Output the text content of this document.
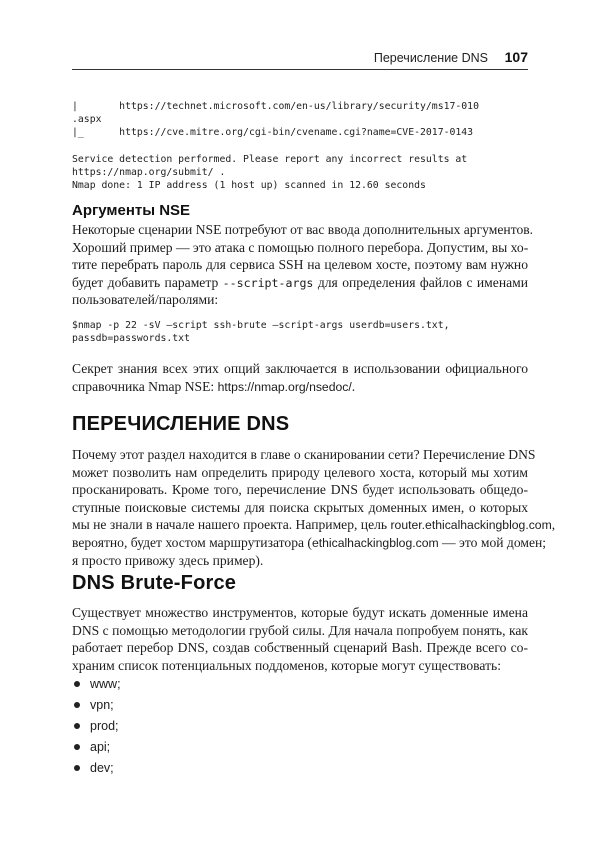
Перечисление DNS 107
|       https://technet.microsoft.com/en-us/library/security/ms17-010
.aspx
|_      https://cve.mitre.org/cgi-bin/cvename.cgi?name=CVE-2017-0143
Service detection performed. Please report any incorrect results at
https://nmap.org/submit/ .
Nmap done: 1 IP address (1 host up) scanned in 12.60 seconds
Аргументы NSE

Некоторые сценарии NSE потребуют от вас ввода дополнительных аргументов.
Хороший пример — это атака с помощью полного перебора. Допустим, вы хо-
тите перебрать пароль для сервиса SSH на целевом хосте, поэтому вам нужно
будет добавить параметр --script-args для определения файлов с именами
пользователей/паролями:

$nmap -p 22 -sV –script ssh-brute –script-args userdb=users.txt,
passdb=passwords.txt

Секрет знания всех этих опций заключается в использовании официального
справочника Nmap NSE: https://nmap.org/nsedoc/.

ПЕРЕЧИСЛЕНИЕ DNS

Почему этот раздел находится в главе о сканировании сети? Перечисление DNS
может позволить нам определить природу целевого хоста, который мы хотим
просканировать. Кроме того, перечисление DNS будет использовать общедо-
ступные поисковые системы для поиска скрытых доменных имен, о которых
мы не знали в начале нашего проекта. Например, цель router.ethicalhackingblog.com,
вероятно, будет хостом маршрутизатора (ethicalhackingblog.com — это мой домен;
я просто привожу здесь пример).

DNS Brute-Force

Существует множество инструментов, которые будут искать доменные имена
DNS с помощью методологии грубой силы. Для начала попробуем понять, как
работает перебор DNS, создав собственный сценарий Bash. Прежде всего со-
храним список потенциальных поддоменов, которые могут существовать:

www;
vpn;
prod;
api;
dev;
